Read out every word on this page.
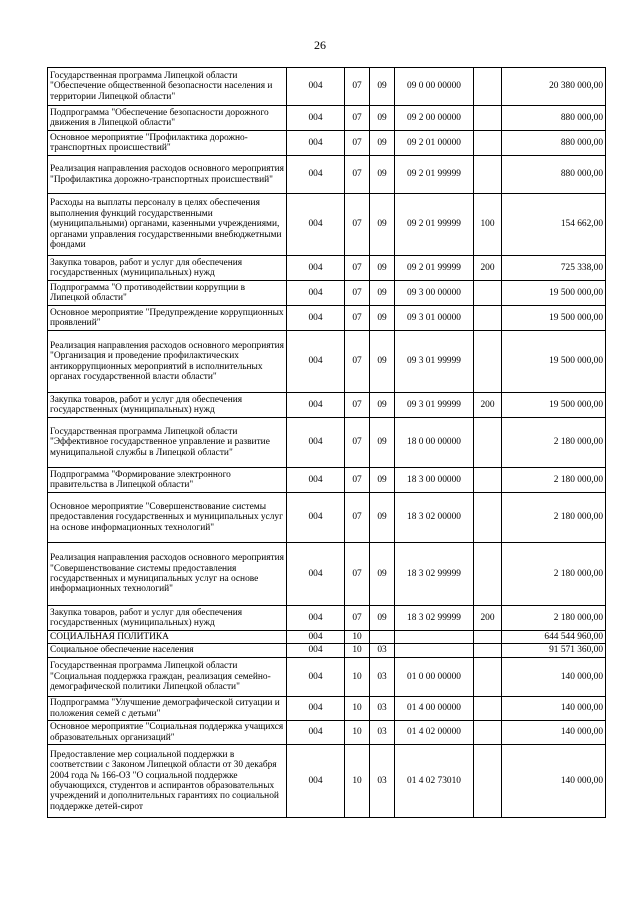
26
Государственная программа Липецкой области "Обеспечение общественной безопасности населения и территории Липецкой области"	004	07	09	09 0 00 00000		20 380 000,00
Подпрограмма "Обеспечение безопасности дорожного движения в Липецкой области"	004	07	09	09 2 00 00000		880 000,00
Основное мероприятие "Профилактика дорожно-транспортных происшествий"	004	07	09	09 2 01 00000		880 000,00
Реализация направления расходов основного мероприятия "Профилактика дорожно-транспортных происшествий"	004	07	09	09 2 01 99999		880 000,00
Расходы на выплаты персоналу в целях обеспечения выполнения функций государственными (муниципальными) органами, казенными учреждениями, органами управления государственными внебюджетными фондами	004	07	09	09 2 01 99999	100	154 662,00
Закупка товаров, работ и услуг для обеспечения государственных (муниципальных) нужд	004	07	09	09 2 01 99999	200	725 338,00
Подпрограмма "О противодействии коррупции в Липецкой области"	004	07	09	09 3 00 00000		19 500 000,00
Основное мероприятие "Предупреждение коррупционных проявлений"	004	07	09	09 3 01 00000		19 500 000,00
Реализация направления расходов основного мероприятия "Организация и проведение профилактических антикоррупционных мероприятий в исполнительных органах государственной власти области"	004	07	09	09 3 01 99999		19 500 000,00
Закупка товаров, работ и услуг для обеспечения государственных (муниципальных) нужд	004	07	09	09 3 01 99999	200	19 500 000,00
Государственная программа Липецкой области "Эффективное государственное управление и развитие муниципальной службы в Липецкой области"	004	07	09	18 0 00 00000		2 180 000,00
Подпрограмма "Формирование электронного правительства в Липецкой области"	004	07	09	18 3 00 00000		2 180 000,00
Основное мероприятие "Совершенствование системы предоставления государственных и муниципальных услуг на основе информационных технологий"	004	07	09	18 3 02 00000		2 180 000,00
Реализация направления расходов основного мероприятия "Совершенствование системы предоставления государственных и муниципальных услуг на основе информационных технологий"	004	07	09	18 3 02 99999		2 180 000,00
Закупка товаров, работ и услуг для обеспечения государственных (муниципальных) нужд	004	07	09	18 3 02 99999	200	2 180 000,00
СОЦИАЛЬНАЯ ПОЛИТИКА	004	10				644 544 960,00
Социальное обеспечение населения	004	10	03			91 571 360,00
Государственная программа Липецкой области "Социальная поддержка граждан, реализация семейно-демографической политики Липецкой области"	004	10	03	01 0 00 00000		140 000,00
Подпрограмма "Улучшение демографической ситуации и положения семей с детьми"	004	10	03	01 4 00 00000		140 000,00
Основное мероприятие "Социальная поддержка учащихся образовательных организаций"	004	10	03	01 4 02 00000		140 000,00
Предоставление мер социальной поддержки в соответствии с Законом Липецкой области от 30 декабря 2004 года № 166-ОЗ "О социальной поддержке обучающихся, студентов и аспирантов образовательных учреждений и дополнительных гарантиях по социальной поддержке детей-сирот	004	10	03	01 4 02 73010		140 000,00
